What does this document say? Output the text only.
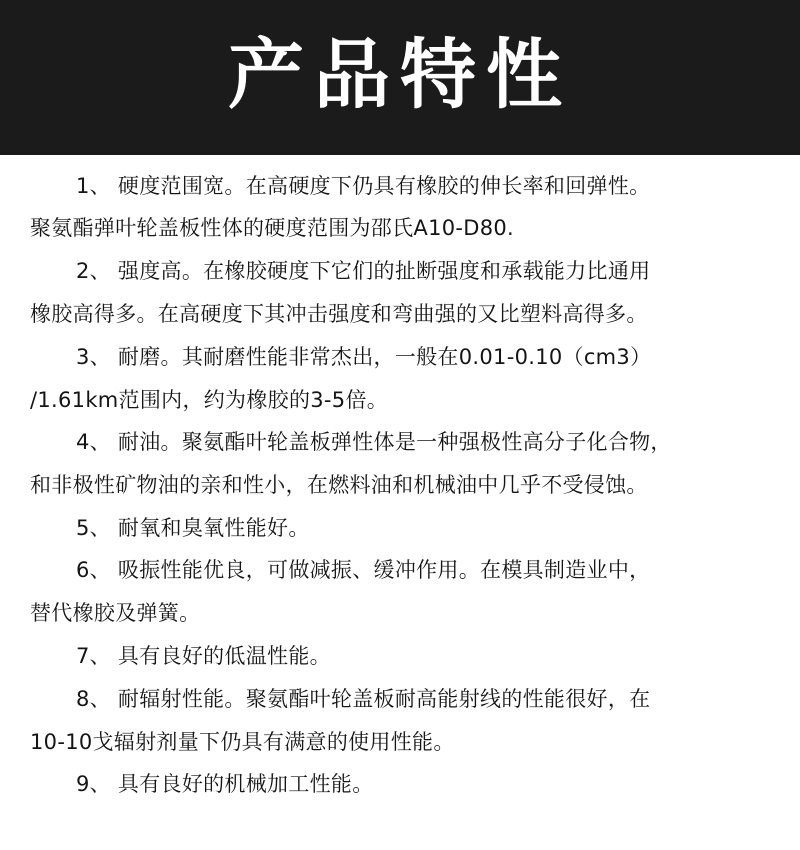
产品特性
1、 硬度范围宽。在高硬度下仍具有橡胶的伸长率和回弹性。
聚氨酯弹叶轮盖板性体的硬度范围为邵氏A10-D80.
2、 强度高。在橡胶硬度下它们的扯断强度和承载能力比通用
橡胶高得多。在高硬度下其冲击强度和弯曲强的又比塑料高得多。
3、 耐磨。其耐磨性能非常杰出，一般在0.01-0.10（cm3）
/1.61km范围内，约为橡胶的3-5倍。
4、 耐油。聚氨酯叶轮盖板弹性体是一种强极性高分子化合物，
和非极性矿物油的亲和性小，在燃料油和机械油中几乎不受侵蚀。
5、 耐氧和臭氧性能好。
6、 吸振性能优良，可做减振、缓冲作用。在模具制造业中，
替代橡胶及弹簧。
7、 具有良好的低温性能。
8、 耐辐射性能。聚氨酯叶轮盖板耐高能射线的性能很好，在
10-10戈辐射剂量下仍具有满意的使用性能。
9、 具有良好的机械加工性能。
